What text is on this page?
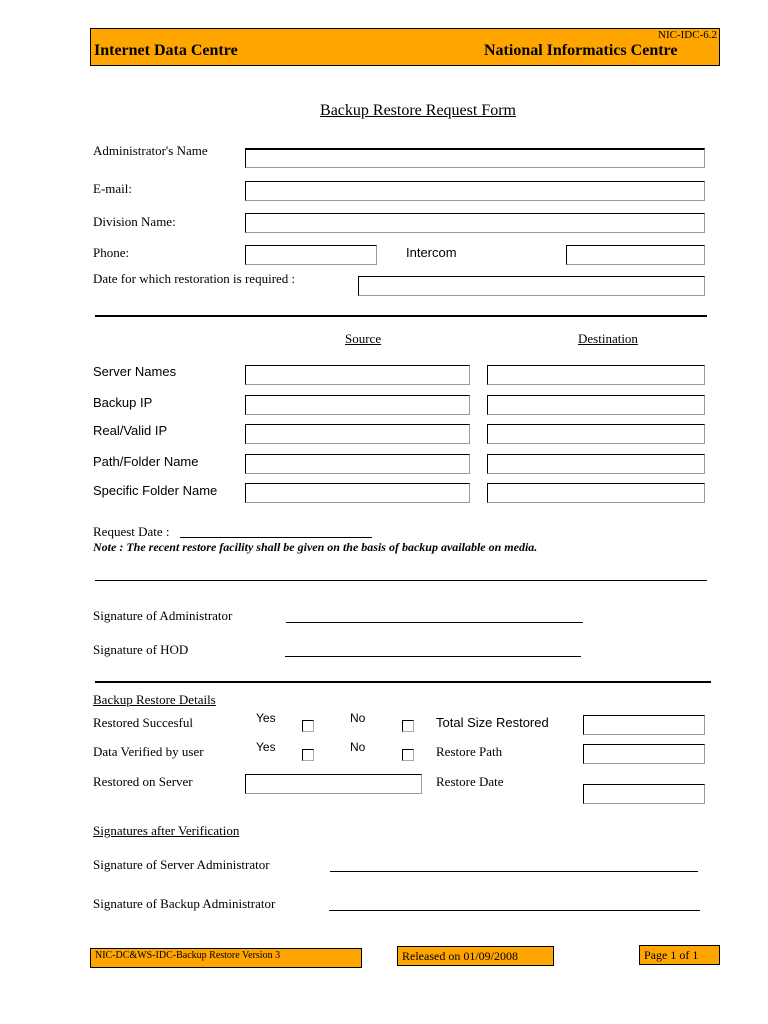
NIC-IDC-6.2
Internet Data Centre	National Informatics Centre
Backup Restore Request Form
Administrator's Name
E-mail:
Division Name:
Phone:	Intercom
Date for which restoration is required :
Source	Destination
Server Names
Backup IP
Real/Valid IP
Path/Folder Name
Specific Folder Name
Request Date :
Note : The recent restore facility shall be given on the basis of backup available on media.
Signature of Administrator
Signature of HOD
Backup Restore Details
Restored Succesful	Yes	No	Total Size Restored
Data Verified by user	Yes	No	Restore Path
Restored on Server	Restore Date
Signatures after Verification
Signature of Server Administrator
Signature of Backup Administrator
NIC-DC&WS-IDC-Backup Restore Version 3	Released on 01/09/2008	Page 1 of 1
